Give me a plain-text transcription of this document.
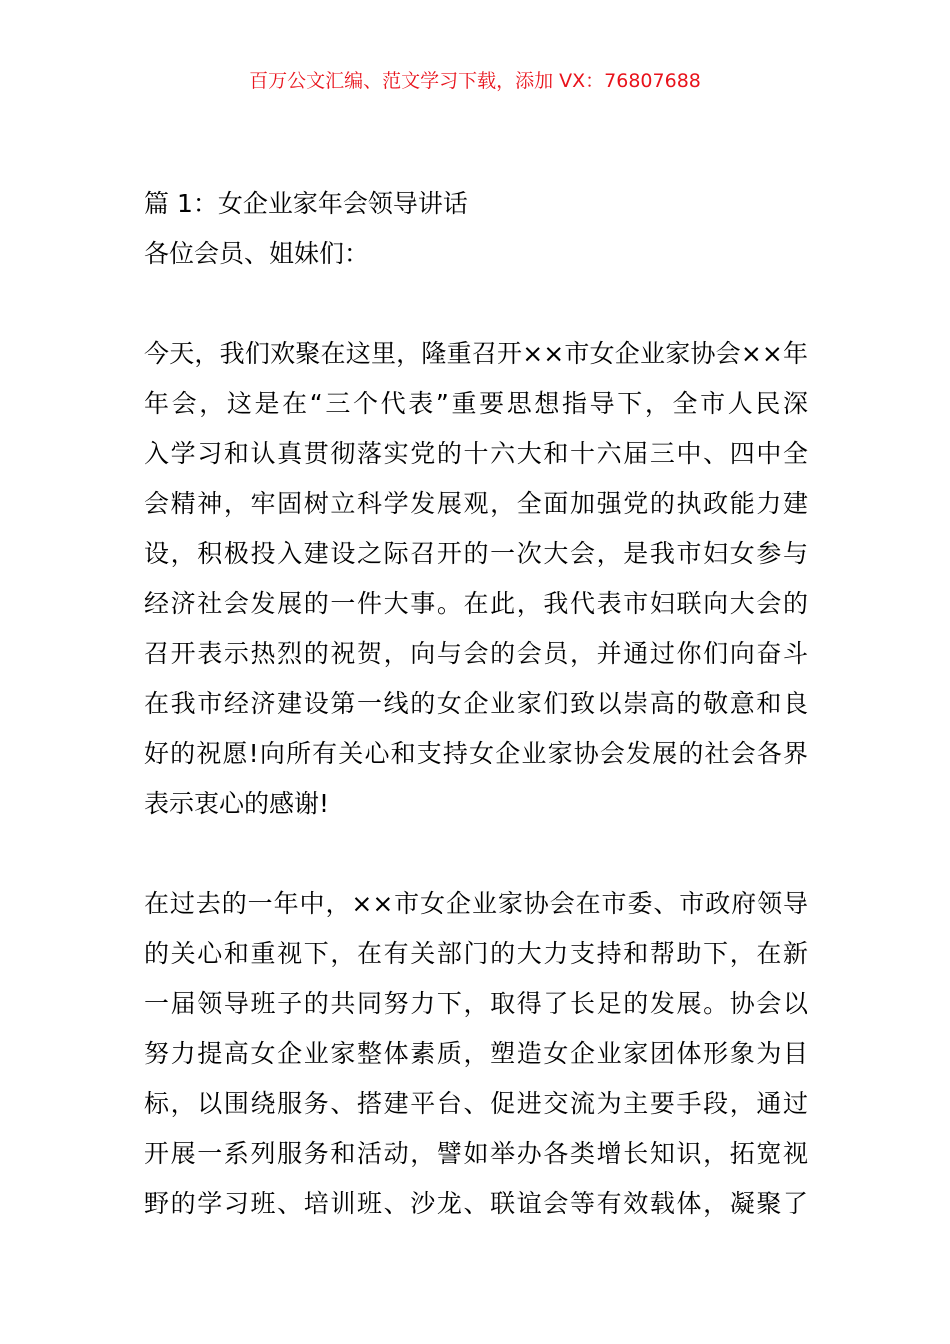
百万公文汇编、范文学习下载，添加 VX：76807688
篇 1：女企业家年会领导讲话
各位会员、姐妹们：

今天，我们欢聚在这里，隆重召开××市女企业家协会××年
年会，这是在“三个代表”重要思想指导下，全市人民深
入学习和认真贯彻落实党的十六大和十六届三中、四中全
会精神，牢固树立科学发展观，全面加强党的执政能力建
设，积极投入建设之际召开的一次大会，是我市妇女参与
经济社会发展的一件大事。在此，我代表市妇联向大会的
召开表示热烈的祝贺，向与会的会员，并通过你们向奋斗
在我市经济建设第一线的女企业家们致以崇高的敬意和良
好的祝愿!向所有关心和支持女企业家协会发展的社会各界
表示衷心的感谢!

在过去的一年中，××市女企业家协会在市委、市政府领导
的关心和重视下，在有关部门的大力支持和帮助下，在新
一届领导班子的共同努力下，取得了长足的发展。协会以
努力提高女企业家整体素质，塑造女企业家团体形象为目
标，以围绕服务、搭建平台、促进交流为主要手段，通过
开展一系列服务和活动，譬如举办各类增长知识，拓宽视
野的学习班、培训班、沙龙、联谊会等有效载体，凝聚了
